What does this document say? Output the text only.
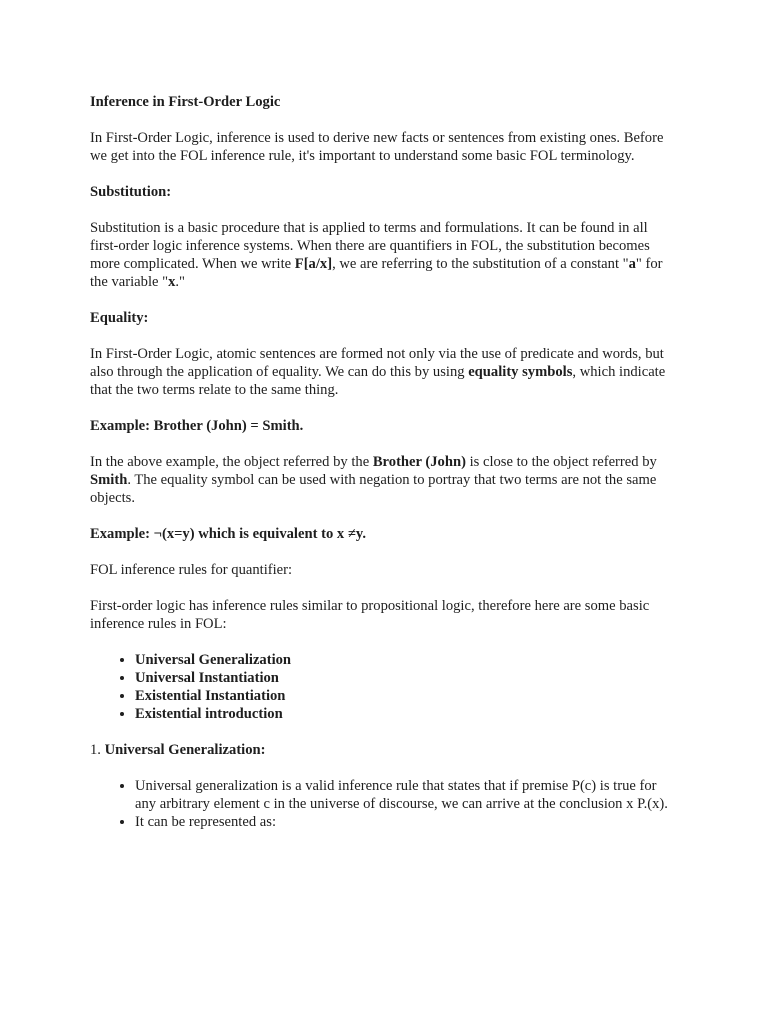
Inference in First-Order Logic

In First-Order Logic, inference is used to derive new facts or sentences from existing ones. Before we get into the FOL inference rule, it's important to understand some basic FOL terminology.

Substitution:

Substitution is a basic procedure that is applied to terms and formulations. It can be found in all first-order logic inference systems. When there are quantifiers in FOL, the substitution becomes more complicated. When we write F[a/x], we are referring to the substitution of a constant "a" for the variable "x."

Equality:

In First-Order Logic, atomic sentences are formed not only via the use of predicate and words, but also through the application of equality. We can do this by using equality symbols, which indicate that the two terms relate to the same thing.

Example: Brother (John) = Smith.

In the above example, the object referred by the Brother (John) is close to the object referred by Smith. The equality symbol can be used with negation to portray that two terms are not the same objects.

Example: ¬(x=y) which is equivalent to x ≠y.

FOL inference rules for quantifier:

First-order logic has inference rules similar to propositional logic, therefore here are some basic inference rules in FOL:

• Universal Generalization
• Universal Instantiation
• Existential Instantiation
• Existential introduction
1. Universal Generalization:
• Universal generalization is a valid inference rule that states that if premise P(c) is true for any arbitrary element c in the universe of discourse, we can arrive at the conclusion x P.(x).
• It can be represented as:
